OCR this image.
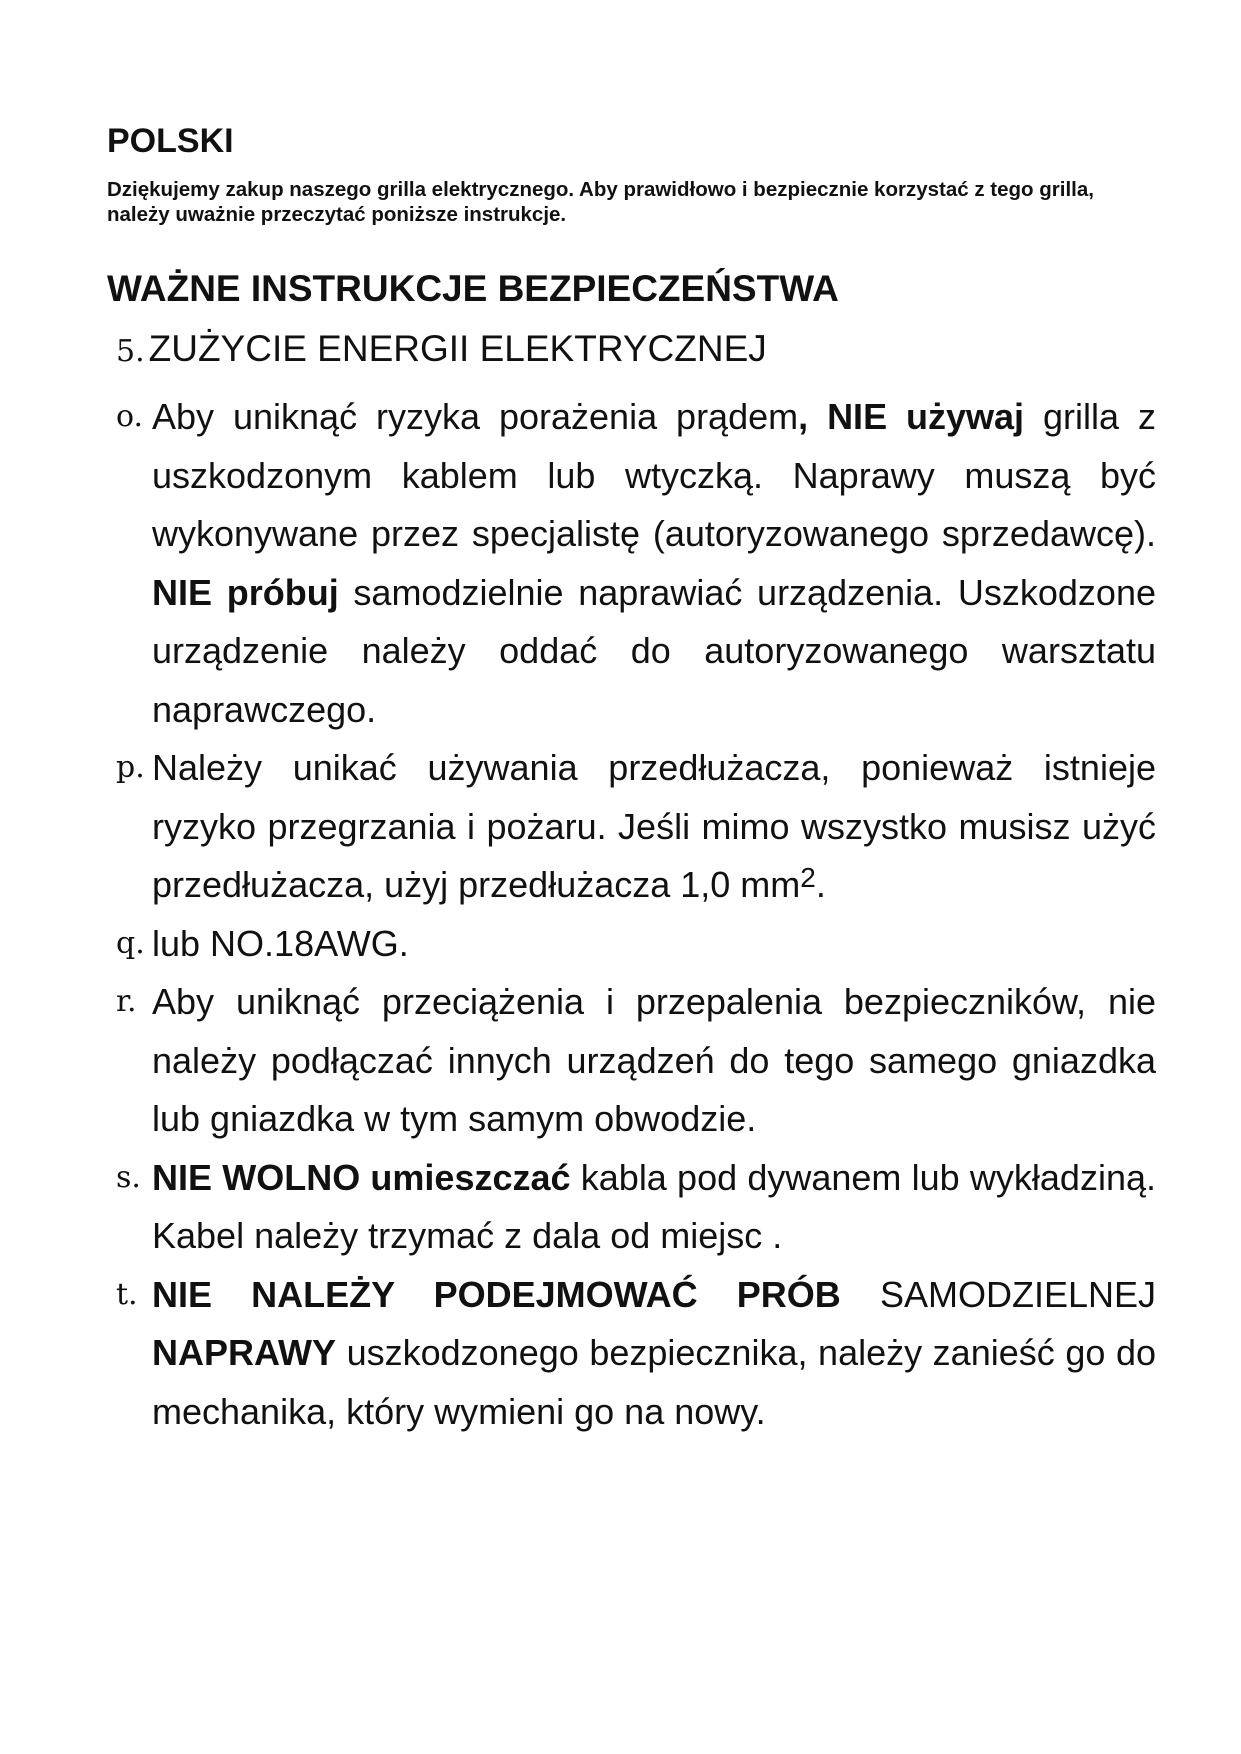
POLSKI

Dziękujemy zakup naszego grilla elektrycznego. Aby prawidłowo i bezpiecznie korzystać z tego grilla, należy uważnie przeczytać poniższe instrukcje.

WAŻNE INSTRUKCJE BEZPIECZEŃSTWA
5. ZUŻYCIE ENERGII ELEKTRYCZNEJ
o. Aby uniknąć ryzyka porażenia prądem, NIE używaj grilla z uszkodzonym kablem lub wtyczką. Naprawy muszą być wykonywane przez specjalistę (autoryzowanego sprzedawcę). NIE próbuj samodzielnie naprawiać urządzenia. Uszkodzone urządzenie należy oddać do autoryzowanego warsztatu naprawczego.
p. Należy unikać używania przedłużacza, ponieważ istnieje ryzyko przegrzania i pożaru. Jeśli mimo wszystko musisz użyć przedłużacza, użyj przedłużacza 1,0 $mm^2$.
q. lub NO.18AWG.
r. Aby uniknąć przeciążenia i przepalenia bezpieczników, nie należy podłączać innych urządzeń do tego samego gniazdka lub gniazdka w tym samym obwodzie.
s. NIE WOLNO umieszczać kabla pod dywanem lub wykładziną. Kabel należy trzymać z dala od miejsc .
t. NIE NALEŻY PODEJMOWAĆ PRÓB SAMODZIELNEJ NAPRAWY uszkodzonego bezpiecznika, należy zanieść go do mechanika, który wymieni go na nowy.
